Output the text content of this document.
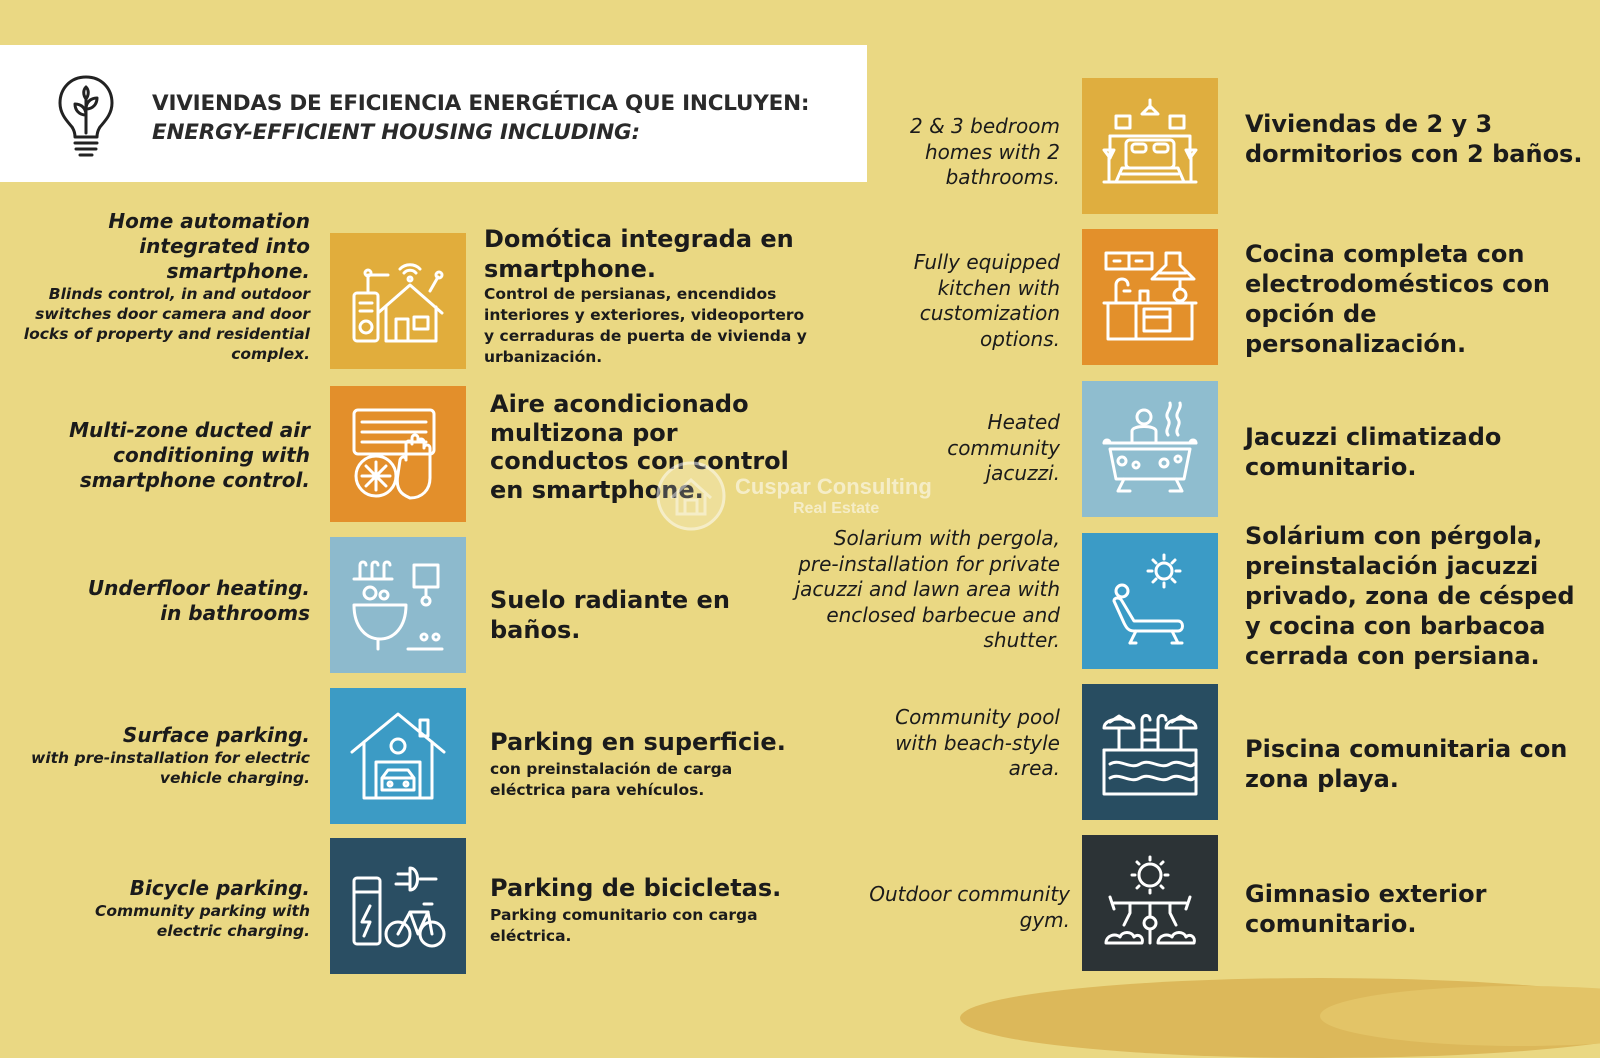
VIVIENDAS DE EFICIENCIA ENERGÉTICA QUE INCLUYEN:
ENERGY-EFFICIENT HOUSING INCLUDING:
Home automation integrated into smartphone.
Blinds control, in and outdoor switches door camera and door locks of property and residential complex.
Domótica integrada en smartphone.
Control de persianas, encendidos interiores y exteriores, videoportero y cerraduras de puerta de vivienda y urbanización.
Multi-zone ducted air conditioning with smartphone control.
Aire acondicionado multizona por conductos con control en smartphone.
Underfloor heating. in bathrooms	Suelo radiante en baños.
Surface parking.
with pre-installation for electric vehicle charging.
Parking en superficie.
con preinstalación de carga eléctrica para vehículos.
Bicycle parking.
Community parking with electric charging.
Parking de bicicletas.
Parking comunitario con carga eléctrica.
2 & 3 bedroom homes with 2 bathrooms.
Viviendas de 2 y 3 dormitorios con 2 baños.
Fully equipped kitchen with customization options.
Cocina completa con electrodomésticos con opción de personalización.
Heated community jacuzzi.
Jacuzzi climatizado comunitario.
Solarium with pergola, pre-installation for private jacuzzi and lawn area with enclosed barbecue and shutter.
Solárium con pérgola, preinstalación jacuzzi privado, zona de césped y cocina con barbacoa cerrada con persiana.
Community pool with beach-style area.
Piscina comunitaria con zona playa.
Outdoor community gym.
Gimnasio exterior comunitario.
Cuspar Consulting
Real Estate
